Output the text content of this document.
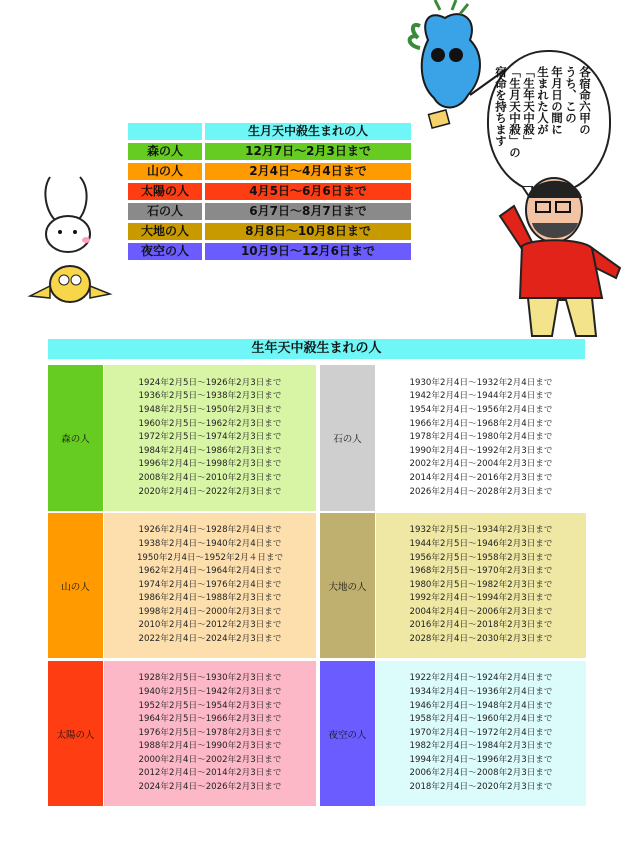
各宿命六甲の
うち、この
年月日の間に
生まれた人が
「生年天中殺」
「生月天中殺」の
宿命を持ちます
	生月天中殺生まれの人
森の人	12月7日〜2月3日まで
山の人	2月4日〜4月4日まで
太陽の人	4月5日〜6月6日まで
石の人	6月7日〜8月7日まで
大地の人	8月8日〜10月8日まで
夜空の人	10月9日〜12月6日まで
生年天中殺生まれの人
森の人
1924年2月5日〜1926年2月3日まで
1936年2月5日〜1938年2月3日まで
1948年2月5日〜1950年2月3日まで
1960年2月5日〜1962年2月3日まで
1972年2月5日〜1974年2月3日まで
1984年2月4日〜1986年2月3日まで
1996年2月4日〜1998年2月3日まで
2008年2月4日〜2010年2月3日まで
2020年2月4日〜2022年2月3日まで
石の人
1930年2月4日〜1932年2月4日まで
1942年2月4日〜1944年2月4日まで
1954年2月4日〜1956年2月4日まで
1966年2月4日〜1968年2月4日まで
1978年2月4日〜1980年2月4日まで
1990年2月4日〜1992年2月3日まで
2002年2月4日〜2004年2月3日まで
2014年2月4日〜2016年2月3日まで
2026年2月4日〜2028年2月3日まで
山の人
1926年2月4日〜1928年2月4日まで
1938年2月4日〜1940年2月4日まで
1950年2月4日〜1952年2月４日まで
1962年2月4日〜1964年2月4日まで
1974年2月4日〜1976年2月4日まで
1986年2月4日〜1988年2月3日まで
1998年2月4日〜2000年2月3日まで
2010年2月4日〜2012年2月3日まで
2022年2月4日〜2024年2月3日まで
大地の人
1932年2月5日〜1934年2月3日まで
1944年2月5日〜1946年2月3日まで
1956年2月5日〜1958年2月3日まで
1968年2月5日〜1970年2月3日まで
1980年2月5日〜1982年2月3日まで
1992年2月4日〜1994年2月3日まで
2004年2月4日〜2006年2月3日まで
2016年2月4日〜2018年2月3日まで
2028年2月4日〜2030年2月3日まで
太陽の人
1928年2月5日〜1930年2月3日まで
1940年2月5日〜1942年2月3日まで
1952年2月5日〜1954年2月3日まで
1964年2月5日〜1966年2月3日まで
1976年2月5日〜1978年2月3日まで
1988年2月4日〜1990年2月3日まで
2000年2月4日〜2002年2月3日まで
2012年2月4日〜2014年2月3日まで
2024年2月4日〜2026年2月3日まで
夜空の人
1922年2月4日〜1924年2月4日まで
1934年2月4日〜1936年2月4日まで
1946年2月4日〜1948年2月4日まで
1958年2月4日〜1960年2月4日まで
1970年2月4日〜1972年2月4日まで
1982年2月4日〜1984年2月3日まで
1994年2月4日〜1996年2月3日まで
2006年2月4日〜2008年2月3日まで
2018年2月4日〜2020年2月3日まで
